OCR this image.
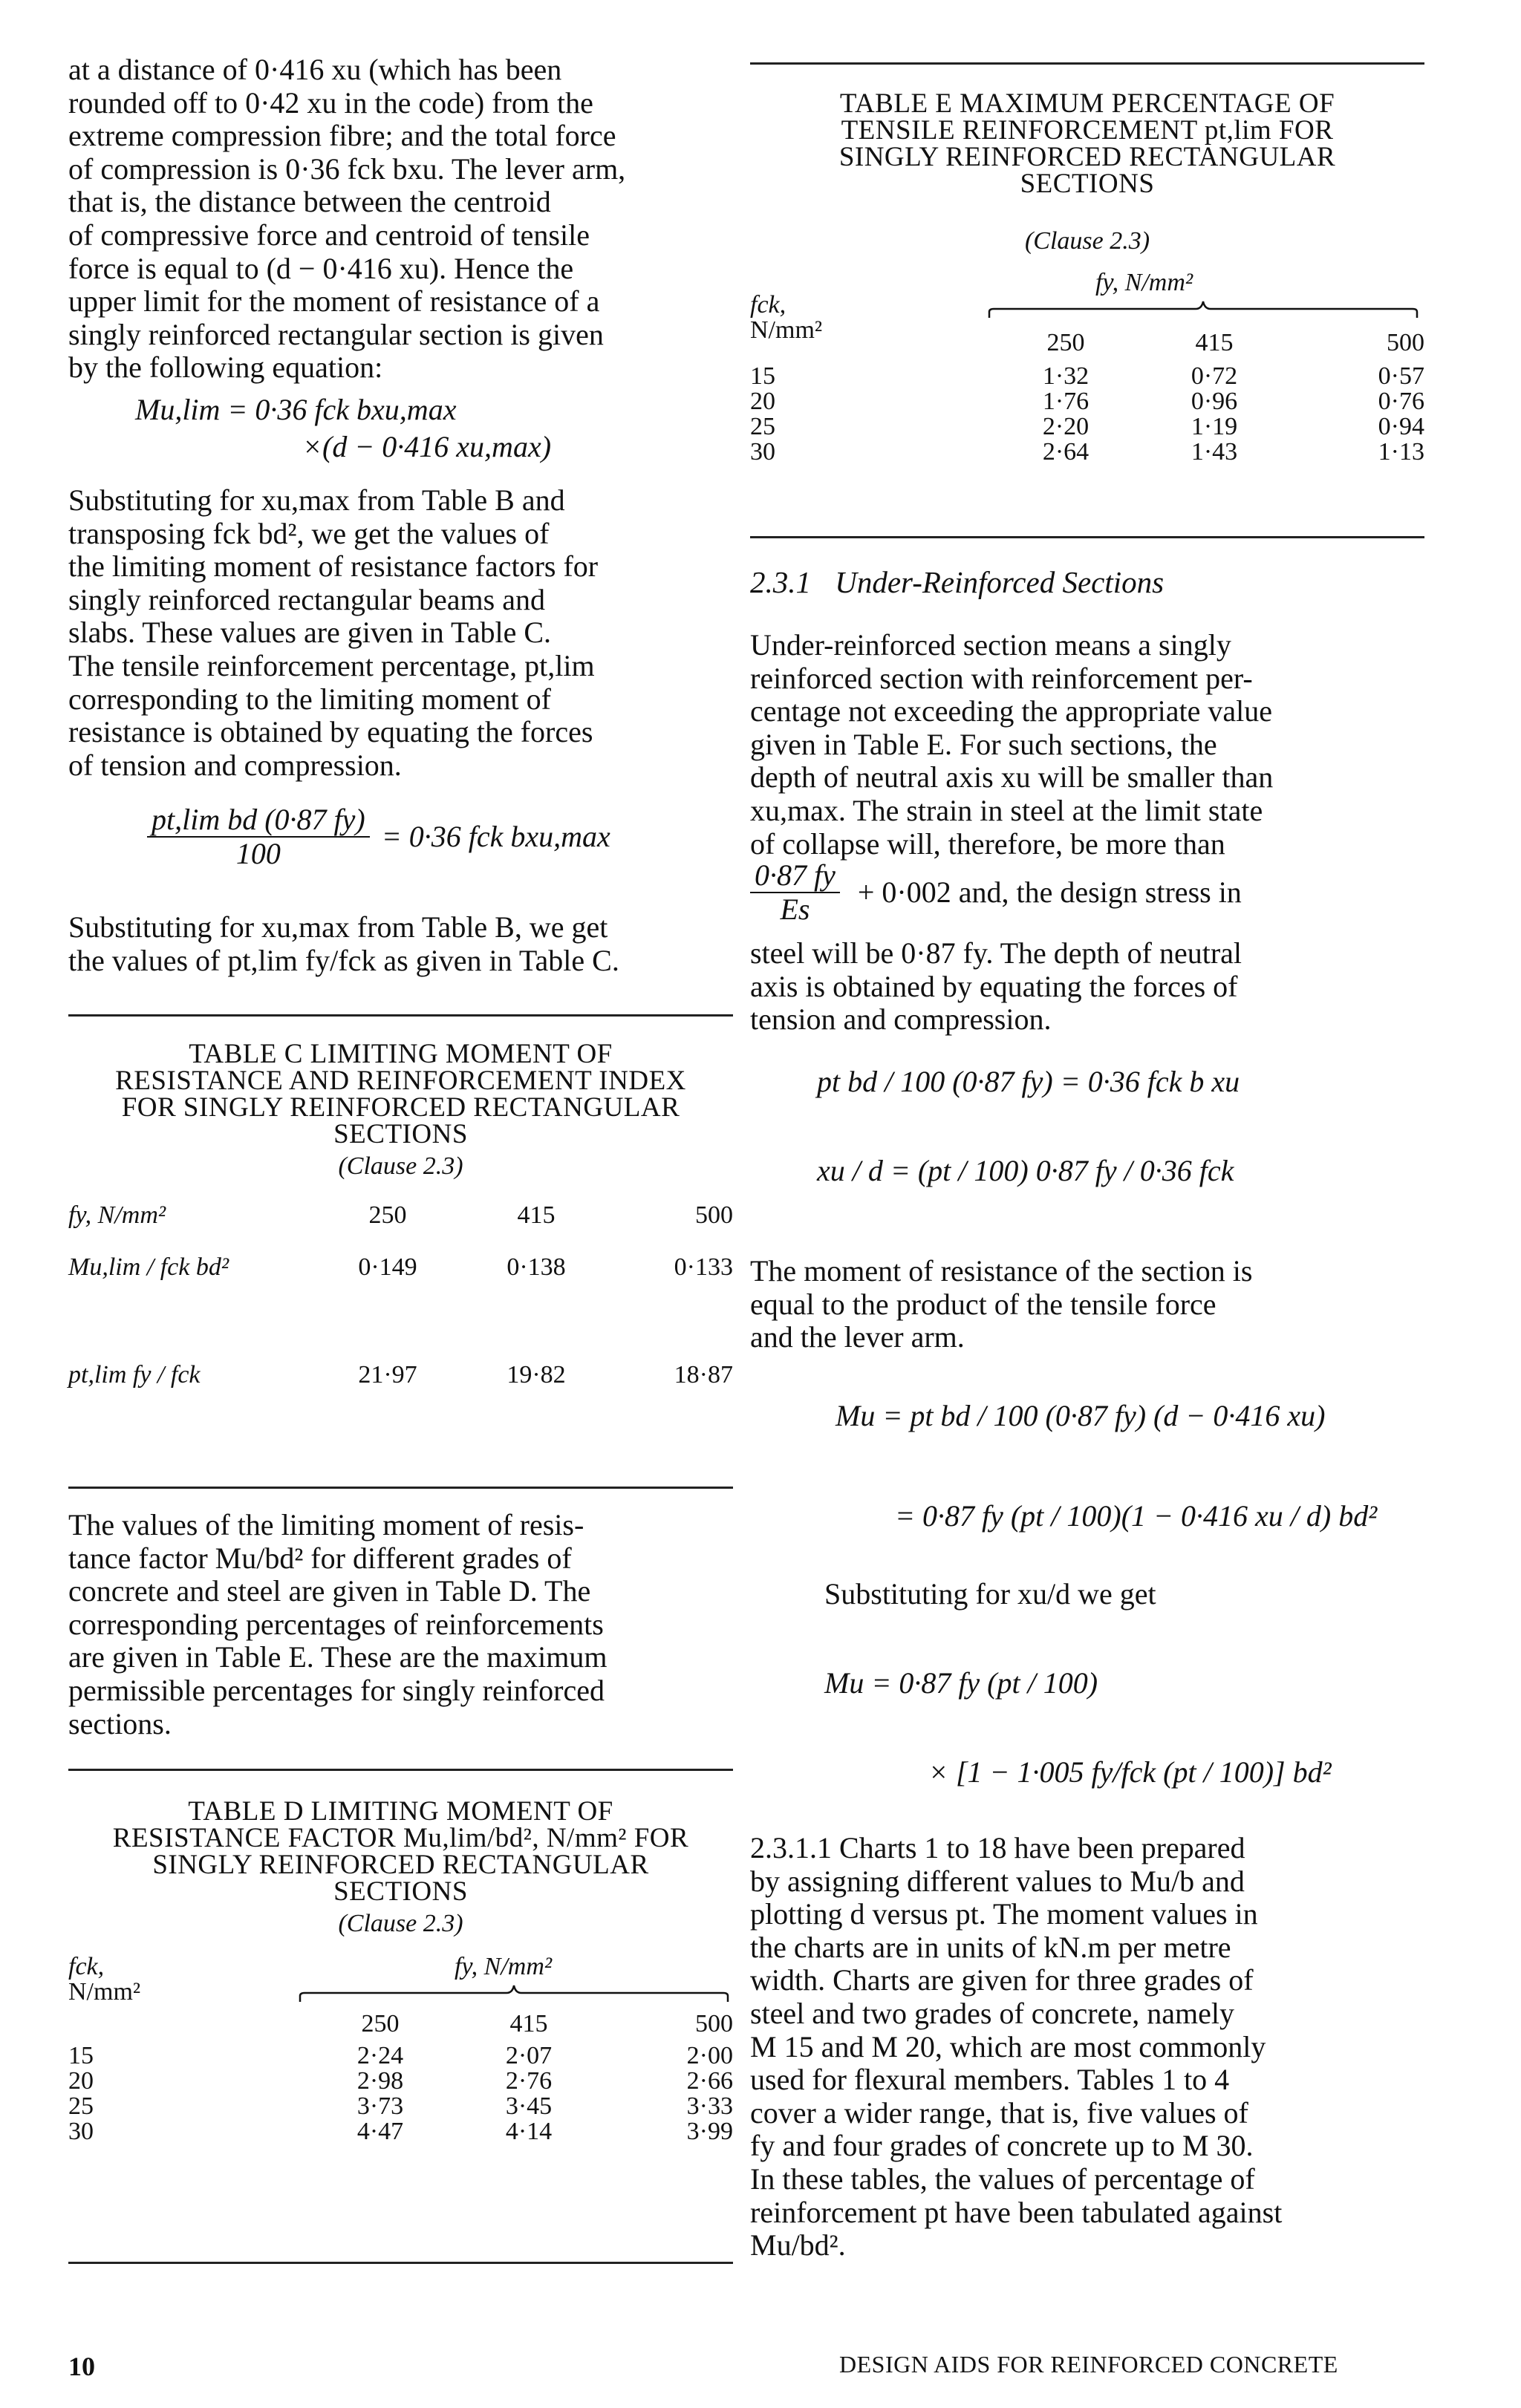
at a distance of 0·416 xu (which has been

rounded off to 0·42 xu in the code) from the

extreme compression fibre; and the total force

of compression is 0·36 fck bxu. The lever arm,

that is, the distance between the centroid

of compressive force and centroid of tensile

force is equal to (d − 0·416 xu). Hence the

upper limit for the moment of resistance of a

singly reinforced rectangular section is given

by the following equation:

Mu,lim = 0·36 fck bxu,max
×(d − 0·416 xu,max)

Substituting for xu,max from Table B and

transposing fck bd², we get the values of

the limiting moment of resistance factors for

singly reinforced rectangular beams and

slabs. These values are given in Table C.

The tensile reinforcement percentage, pt,lim

corresponding to the limiting moment of

resistance is obtained by equating the forces

of tension and compression.

$\frac{\text{pt,lim bd (0·87 fy)}}{100} = 0\cdot 36$ fck bxu,max

Substituting for xu,max from Table B, we get

the values of pt,lim fy/fck as given in Table C.

TABLE C LIMITING MOMENT OF
RESISTANCE AND REINFORCEMENT INDEX
FOR SINGLY REINFORCED RECTANGULAR
SECTIONS
(Clause 2.3)
fy, N/mm²	250	415	500
Mu,lim / fck bd²	0·149	0·138	0·133
pt,lim fy / fck	21·97	19·82	18·87

The values of the limiting moment of resis-

tance factor Mu/bd² for different grades of

concrete and steel are given in Table D. The

corresponding percentages of reinforcements

are given in Table E. These are the maximum

permissible percentages for singly reinforced

sections.

TABLE D LIMITING MOMENT OF
RESISTANCE FACTOR Mu,lim/bd², N/mm² FOR
SINGLY REINFORCED RECTANGULAR
SECTIONS
(Clause 2.3)
fck,
N/mm²
fy, N/mm²
	250	415	500
15	2·24	2·07	2·00
20	2·98	2·76	2·66
25	3·73	3·45	3·33
30	4·47	4·14	3·99
TABLE E MAXIMUM PERCENTAGE OF
TENSILE REINFORCEMENT pt,lim FOR
SINGLY REINFORCED RECTANGULAR
SECTIONS
(Clause 2.3)
fck,
N/mm²
fy, N/mm²
	250	415	500
15	1·32	0·72	0·57
20	1·76	0·96	0·76
25	2·20	1·19	0·94
30	2·64	1·43	1·13
2.3.1 Under-Reinforced Sections

Under-reinforced section means a singly

reinforced section with reinforcement per-

centage not exceeding the appropriate value

given in Table E. For such sections, the

depth of neutral axis xu will be smaller than

xu,max. The strain in steel at the limit state

of collapse will, therefore, be more than

$\frac{0\cdot 87 fy}{Es} + 0\cdot 002$ and, the design stress in

steel will be 0·87 fy. The depth of neutral

axis is obtained by equating the forces of

tension and compression.

pt bd / 100 (0·87 fy) = 0·36 fck b xu
xu / d = (pt / 100) 0·87 fy / 0·36 fck

The moment of resistance of the section is

equal to the product of the tensile force

and the lever arm.

Mu = pt bd / 100 (0·87 fy) (d − 0·416 xu)
= 0·87 fy (pt / 100)(1 − 0·416 xu / d) bd²
Substituting for xu/d we get
Mu = 0·87 fy (pt / 100)
× [1 − 1·005 fy/fck (pt / 100)] bd²

2.3.1.1 Charts 1 to 18 have been prepared

by assigning different values to Mu/b and

plotting d versus pt. The moment values in

the charts are in units of kN.m per metre

width. Charts are given for three grades of

steel and two grades of concrete, namely

M 15 and M 20, which are most commonly

used for flexural members. Tables 1 to 4

cover a wider range, that is, five values of

fy and four grades of concrete up to M 30.

In these tables, the values of percentage of

reinforcement pt have been tabulated against

Mu/bd².

10	DESIGN AIDS FOR REINFORCED CONCRETE
